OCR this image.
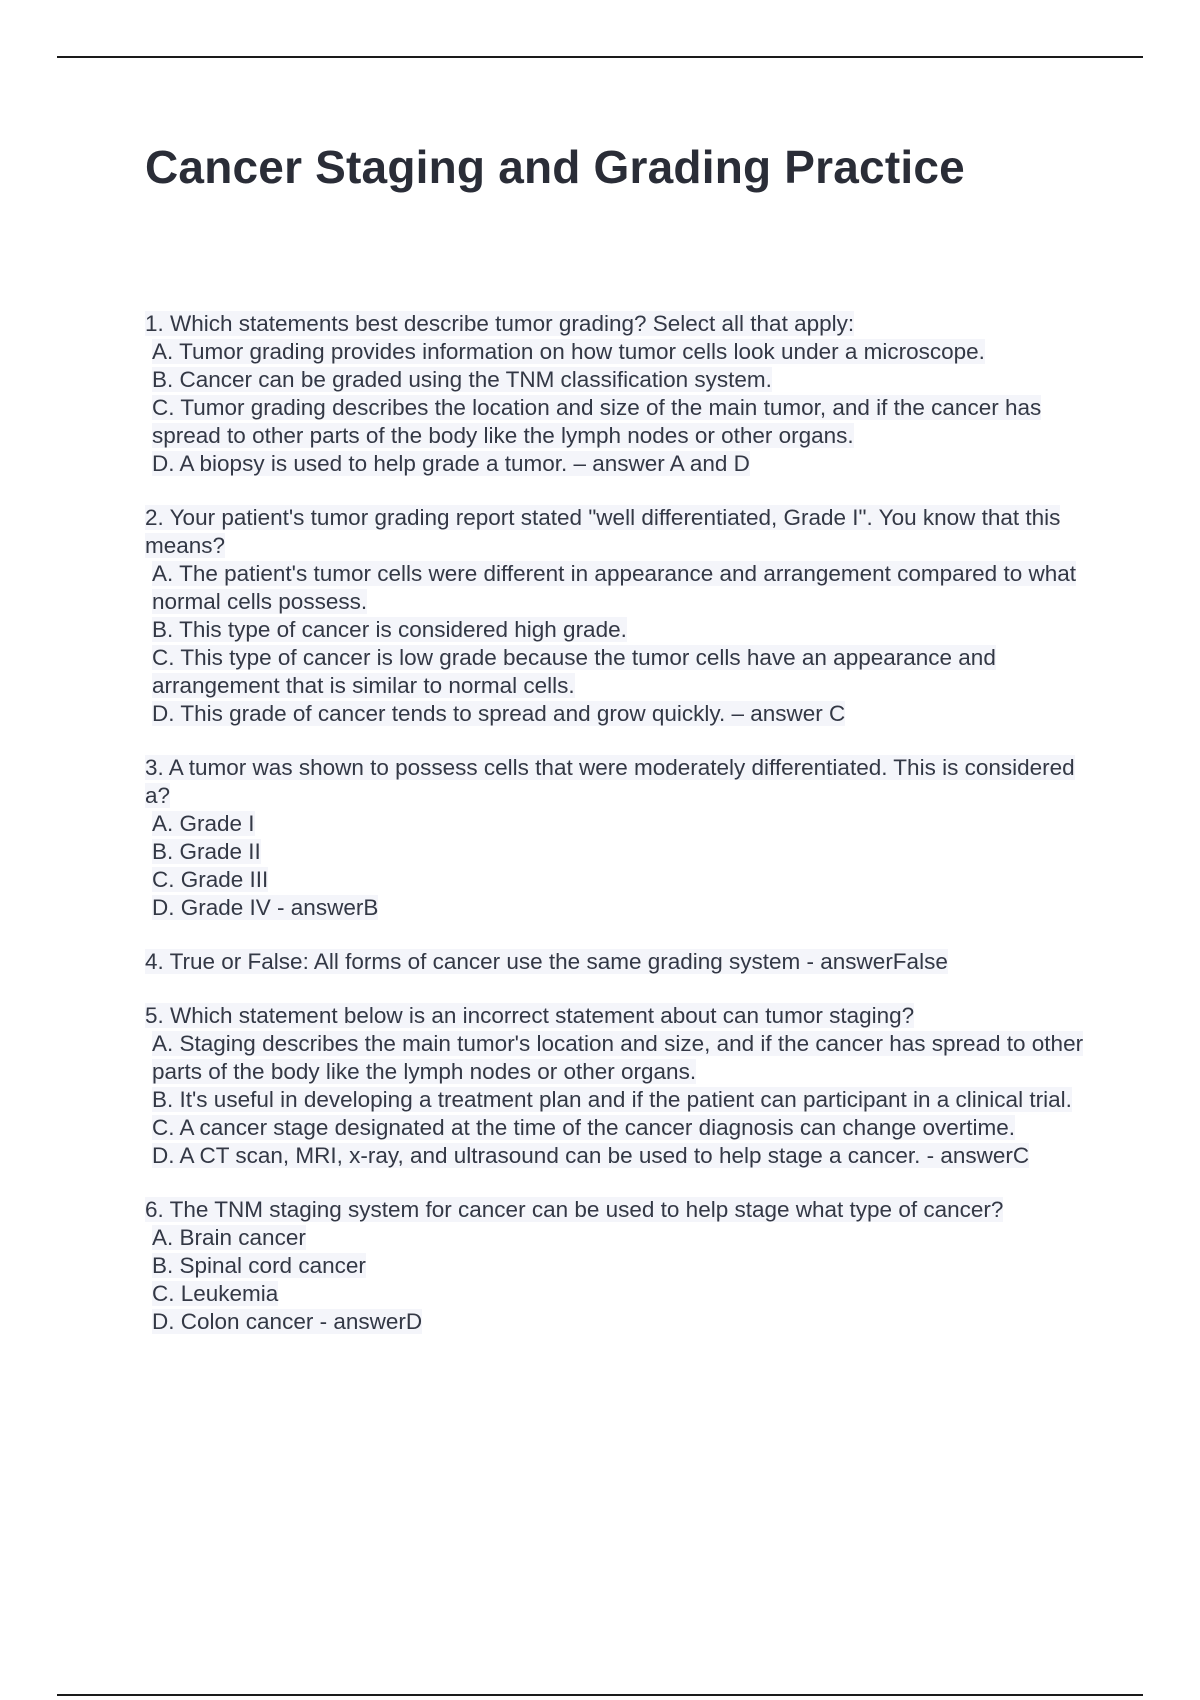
Cancer Staging and Grading Practice
1. Which statements best describe tumor grading? Select all that apply:
A. Tumor grading provides information on how tumor cells look under a microscope.
B. Cancer can be graded using the TNM classification system.
C. Tumor grading describes the location and size of the main tumor, and if the cancer has spread to other parts of the body like the lymph nodes or other organs.
D. A biopsy is used to help grade a tumor. – answer A and D
2. Your patient's tumor grading report stated "well differentiated, Grade I". You know that this means?
A. The patient's tumor cells were different in appearance and arrangement compared to what normal cells possess.
B. This type of cancer is considered high grade.
C. This type of cancer is low grade because the tumor cells have an appearance and arrangement that is similar to normal cells.
D. This grade of cancer tends to spread and grow quickly. – answer C
3. A tumor was shown to possess cells that were moderately differentiated. This is considered a?
A. Grade I
B. Grade II
C. Grade III
D. Grade IV - answerB
4. True or False: All forms of cancer use the same grading system - answerFalse
5. Which statement below is an incorrect statement about can tumor staging?
A. Staging describes the main tumor's location and size, and if the cancer has spread to other parts of the body like the lymph nodes or other organs.
B. It's useful in developing a treatment plan and if the patient can participant in a clinical trial.
C. A cancer stage designated at the time of the cancer diagnosis can change overtime.
D. A CT scan, MRI, x-ray, and ultrasound can be used to help stage a cancer. - answerC
6. The TNM staging system for cancer can be used to help stage what type of cancer?
A. Brain cancer
B. Spinal cord cancer
C. Leukemia
D. Colon cancer - answerD
